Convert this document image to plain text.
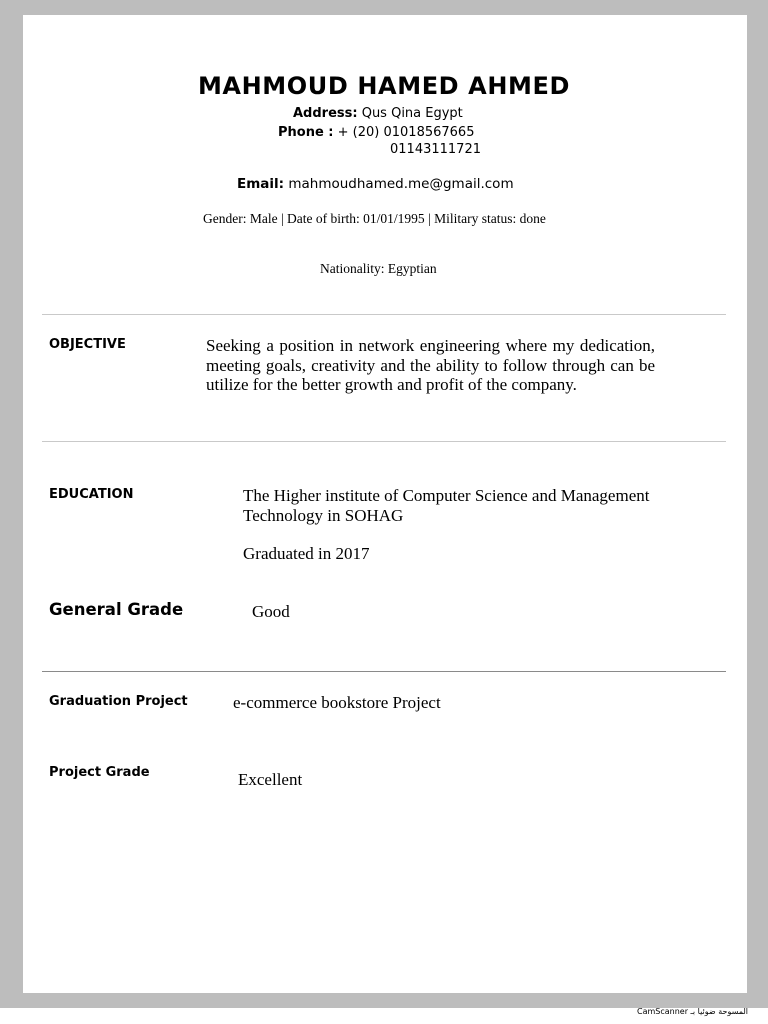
MAHMOUD HAMED AHMED
Address: Qus Qina Egypt
Phone : + (20) 01018567665
01143111721
Email: mahmoudhamed.me@gmail.com
Gender: Male | Date of birth: 01/01/1995 | Military status: done
Nationality: Egyptian
OBJECTIVE	Seeking a position in network engineering where my dedication, meeting goals, creativity and the ability to follow through can be utilize for the better growth and profit of the company.
EDUCATION	The Higher institute of Computer Science and Management
Technology in SOHAG
Graduated in 2017
General Grade	Good
Graduation Project	e-commerce bookstore Project
Project Grade	Excellent
CamScanner المسوحة ضوئيا بـ
